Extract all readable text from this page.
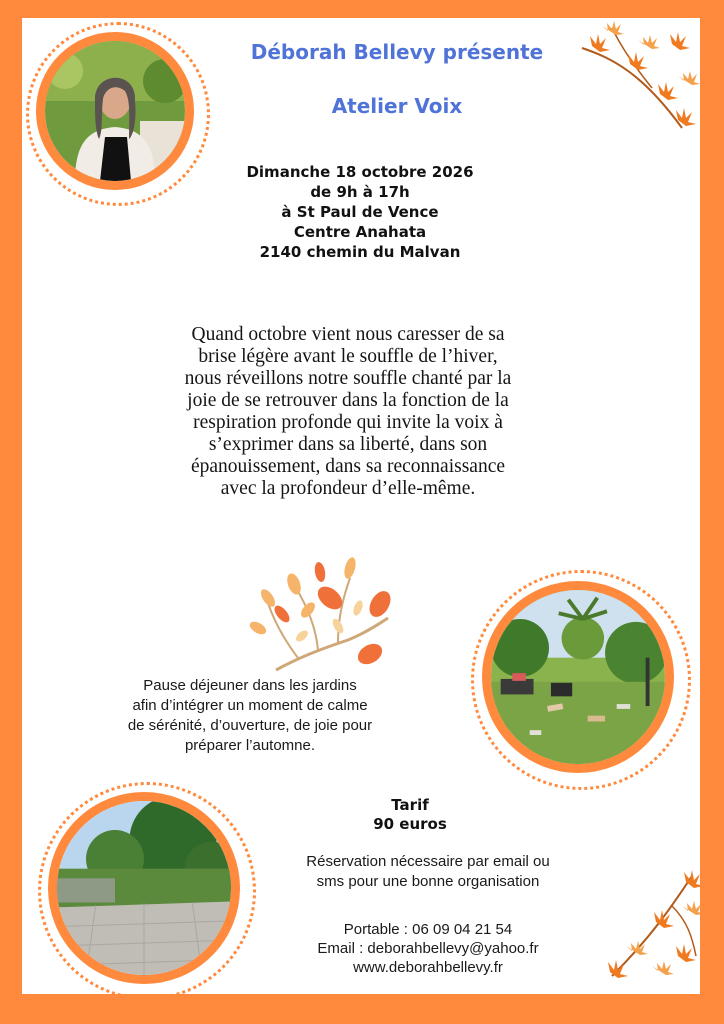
Déborah Bellevy présente
Atelier Voix
Dimanche 18 octobre 2026
de 9h à 17h
à St Paul de Vence
Centre Anahata
2140 chemin du Malvan
Quand octobre vient nous caresser de sa
brise légère avant le souffle de l’hiver,
nous réveillons notre souffle chanté par la
joie de se retrouver dans la fonction de la
respiration profonde qui invite la voix à
s’exprimer dans sa liberté, dans son
épanouissement, dans sa reconnaissance
avec la profondeur d’elle-même.
Pause déjeuner dans les jardins
afin d’intégrer un moment de calme
de sérénité, d’ouverture, de joie pour
préparer l’automne.
Tarif
90 euros
Réservation nécessaire par email ou
sms pour une bonne organisation
Portable : 06 09 04 21 54
Email : deborahbellevy@yahoo.fr
www.deborahbellevy.fr
